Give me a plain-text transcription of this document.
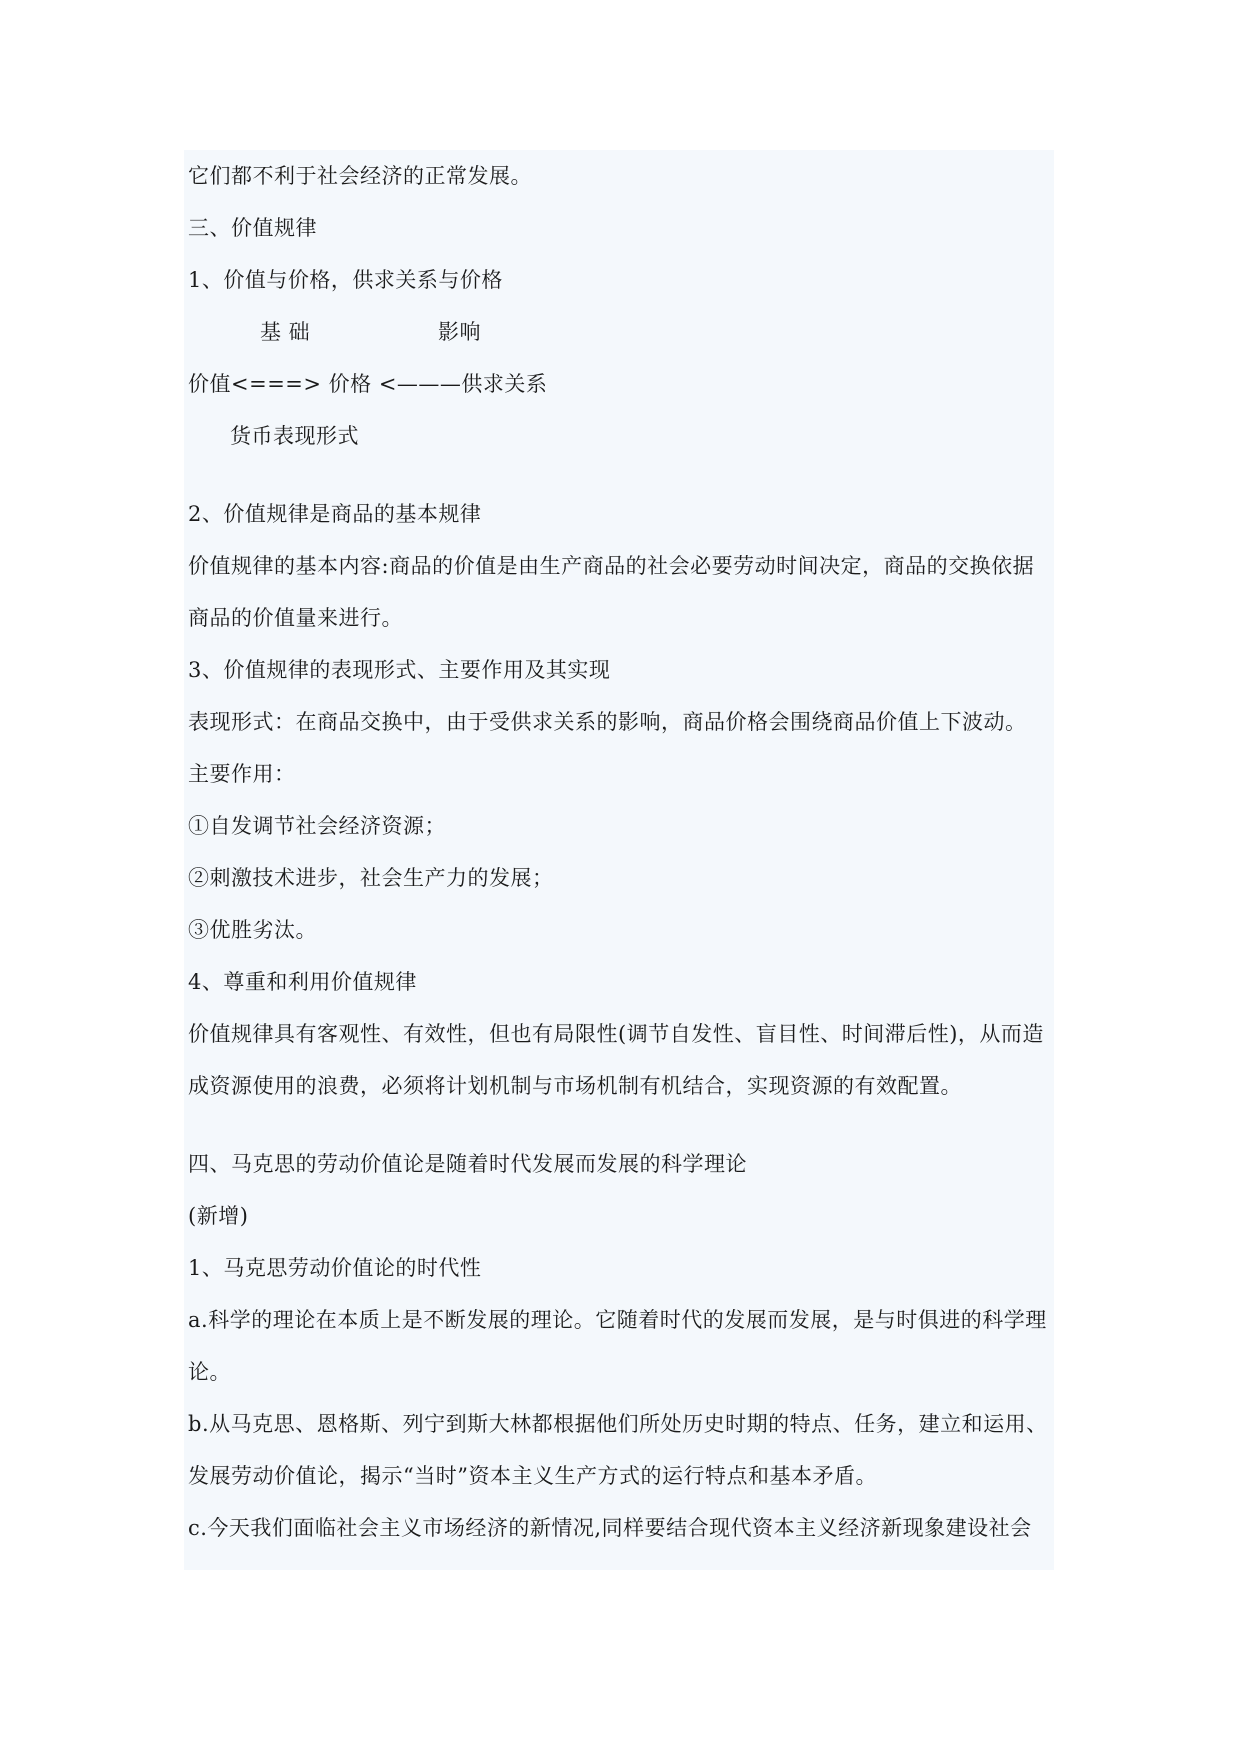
它们都不利于社会经济的正常发展。
三、价值规律
1、价值与价格，供求关系与价格
基 础	影响
价值<===> 价格 <———供求关系
货币表现形式
2、价值规律是商品的基本规律
价值规律的基本内容:商品的价值是由生产商品的社会必要劳动时间决定，商品的交换依据
商品的价值量来进行。
3、价值规律的表现形式、主要作用及其实现
表现形式：在商品交换中，由于受供求关系的影响，商品价格会围绕商品价值上下波动。
主要作用：
①自发调节社会经济资源；
②刺激技术进步，社会生产力的发展；
③优胜劣汰。
4、尊重和利用价值规律
价值规律具有客观性、有效性，但也有局限性(调节自发性、盲目性、时间滞后性)，从而造
成资源使用的浪费，必须将计划机制与市场机制有机结合，实现资源的有效配置。
四、马克思的劳动价值论是随着时代发展而发展的科学理论
(新增)
1、马克思劳动价值论的时代性
a.科学的理论在本质上是不断发展的理论。它随着时代的发展而发展，是与时俱进的科学理
论。
b.从马克思、恩格斯、列宁到斯大林都根据他们所处历史时期的特点、任务，建立和运用、
发展劳动价值论，揭示“当时”资本主义生产方式的运行特点和基本矛盾。
c.今天我们面临社会主义市场经济的新情况,同样要结合现代资本主义经济新现象建设社会
